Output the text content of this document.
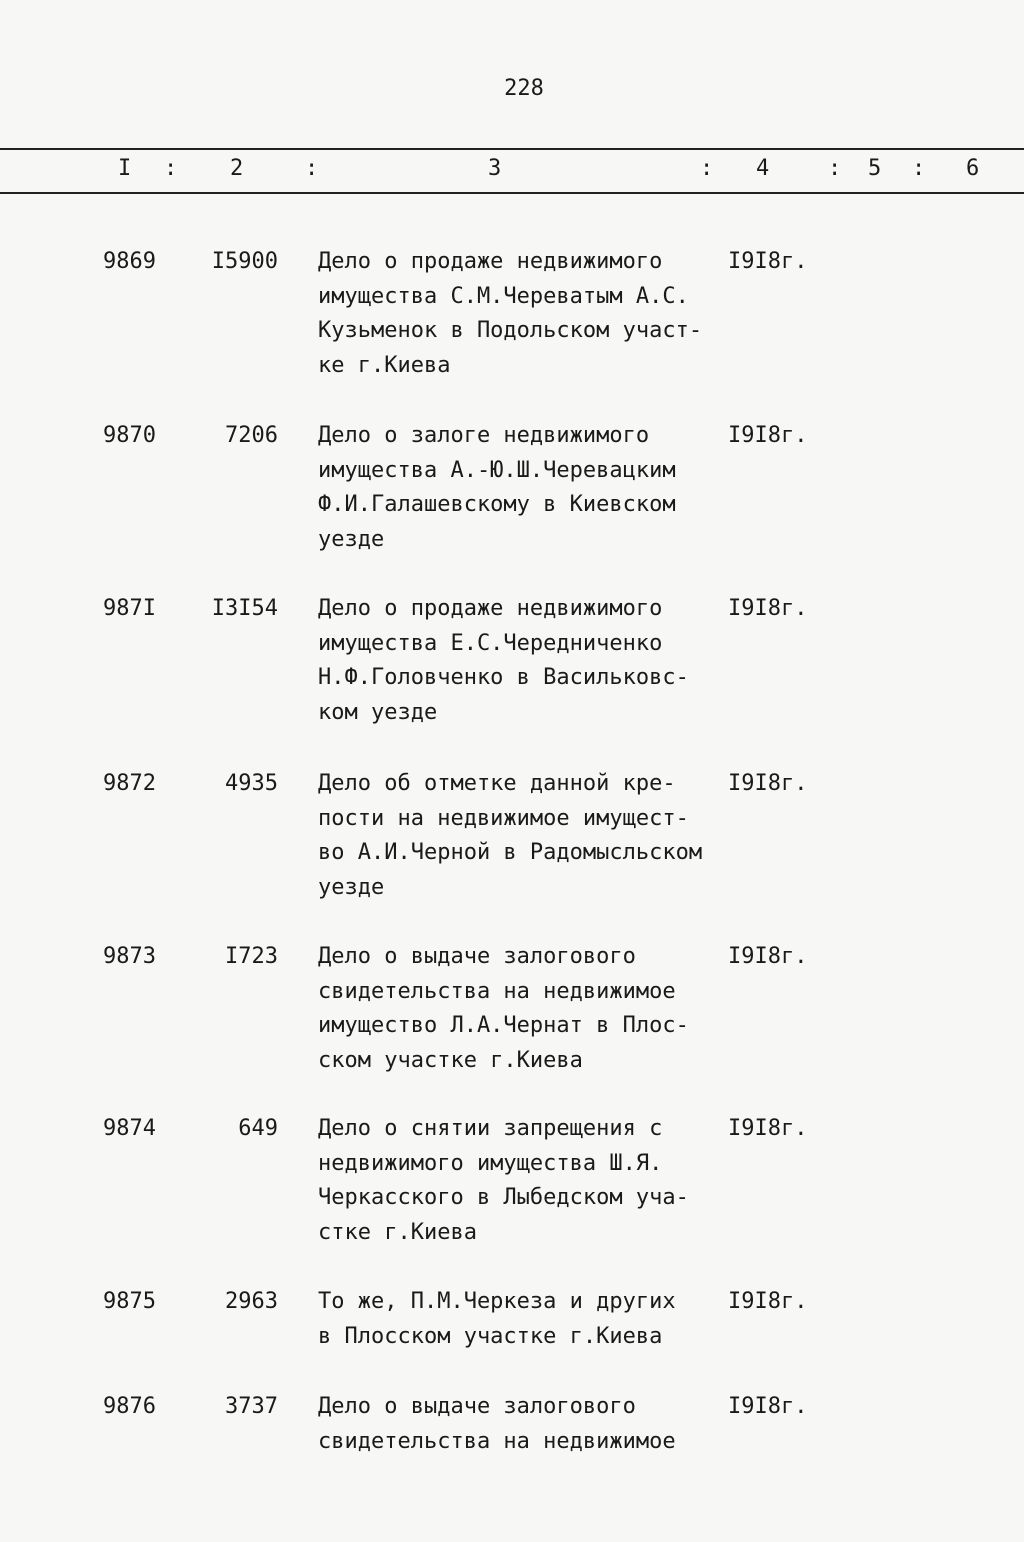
228
I : 2	:	3	: 4	: 5 : 6
9869	I5900 Дело о продаже недвижимого
имущества С.М.Череватым А.С.
Кузьменок в Подольском участ-
ке г.Киева
I9I8г.
9870	7206 Дело о залоге недвижимого
имущества А.-Ю.Ш.Черевацким
Ф.И.Галашевскому в Киевском
уезде
I9I8г.
987I	I3I54 Дело о продаже недвижимого
имущества Е.С.Чередниченко
Н.Ф.Головченко в Васильковс-
ком уезде
I9I8г.
9872	4935 Дело об отметке данной кре-
пости на недвижимое имущест-
во А.И.Черной в Радомысльском
уезде
I9I8г.
9873	I723 Дело о выдаче залогового
свидетельства на недвижимое
имущество Л.А.Чернат в Плос-
ском участке г.Киева
I9I8г.
9874	649 Дело о снятии запрещения с
недвижимого имущества Ш.Я.
Черкасского в Лыбедском уча-
стке г.Киева
I9I8г.
9875	2963 То же, П.М.Черкеза и других
в Плосском участке г.Киева
I9I8г.
9876	3737 Дело о выдаче залогового
свидетельства на недвижимое
I9I8г.
